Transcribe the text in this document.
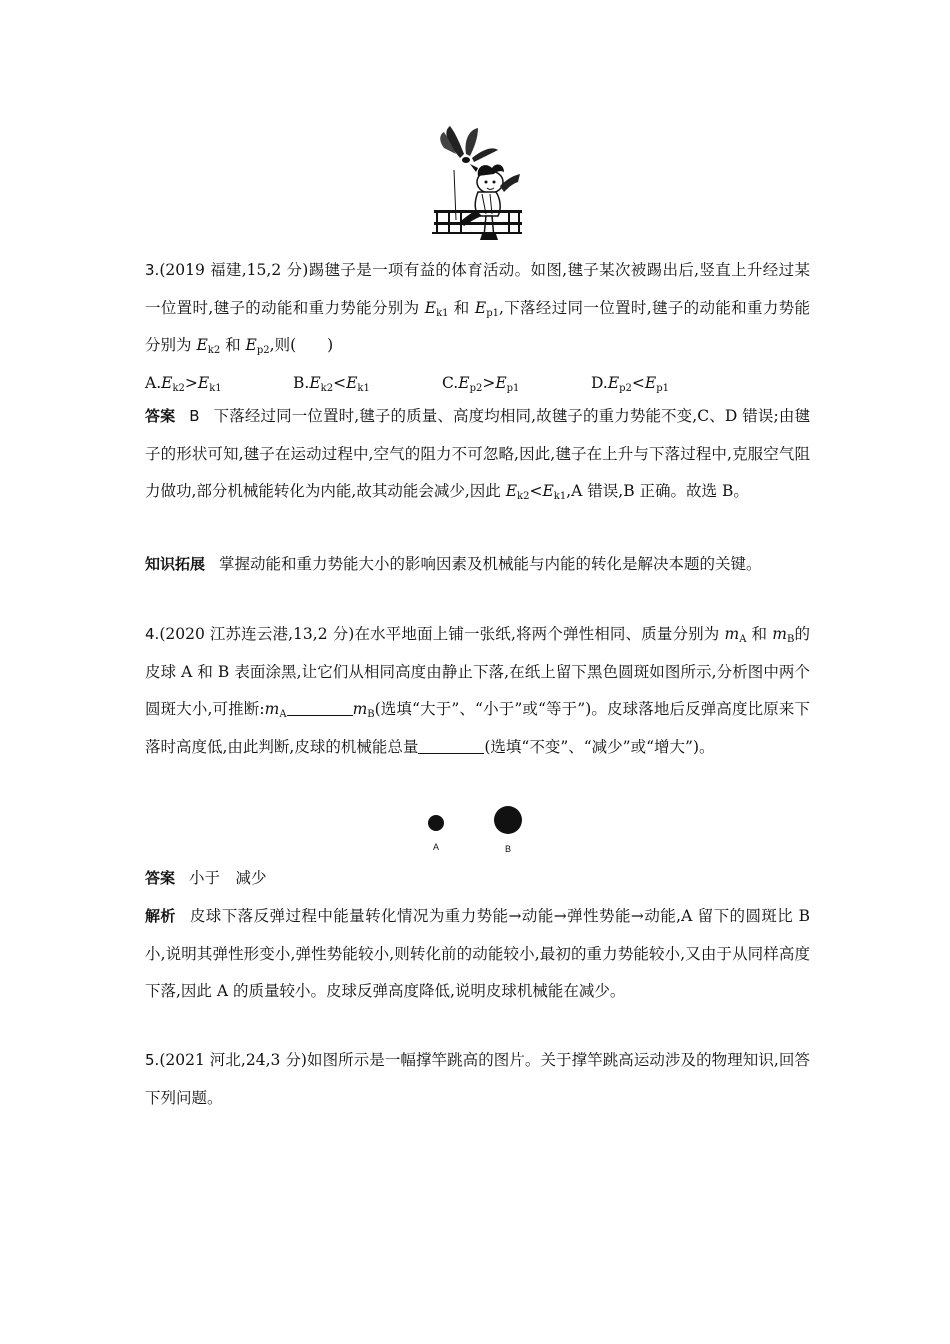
3.(2019 福建,15,2 分)踢毽子是一项有益的体育活动。如图,毽子某次被踢出后,竖直上升经过某一位置时,毽子的动能和重力势能分别为 $E_{k1}$ 和 $E_{p1}$,下落经过同一位置时,毽子的动能和重力势能分别为 $E_{k2}$ 和 $E_{p2}$,则(　　)

$A.E_{k2}>E_{k1}$	$B.E_{k2}<E_{k1}$	$C.E_{p2}>E_{p1}$	$D.E_{p2}<E_{p1}$

答案 B 下落经过同一位置时,毽子的质量、高度均相同,故毽子的重力势能不变,C、D 错误;由毽子的形状可知,毽子在运动过程中,空气的阻力不可忽略,因此,毽子在上升与下落过程中,克服空气阻力做功,部分机械能转化为内能,故其动能会减少,因此 $E_{k2}<E_{k1},A$ 错误,B 正确。故选 B。

知识拓展 掌握动能和重力势能大小的影响因素及机械能与内能的转化是解决本题的关键。

4.(2020 江苏连云港,13,2 分)在水平地面上铺一张纸,将两个弹性相同、质量分别为 $m_A$ 和 $m_B$的皮球 A 和 B 表面涂黑,让它们从相同高度由静止下落,在纸上留下黑色圆斑如图所示,分析图中两个圆斑大小,可推断$:m_A$	$m_B$(选填“大于”、“小于”或“等于”)。皮球落地后反弹高度比原来下落时高度低,由此判断,皮球的机械能总量	(选填“不变”、“减少”或“增大”)。

A	B

答案 小于　减少

解析 皮球下落反弹过程中能量转化情况为重力势能→动能→弹性势能→动能,A 留下的圆斑比 B 小,说明其弹性形变小,弹性势能较小,则转化前的动能较小,最初的重力势能较小,又由于从同样高度下落,因此 A 的质量较小。皮球反弹高度降低,说明皮球机械能在减少。

5.(2021 河北,24,3 分)如图所示是一幅撑竿跳高的图片。关于撑竿跳高运动涉及的物理知识,回答下列问题。
